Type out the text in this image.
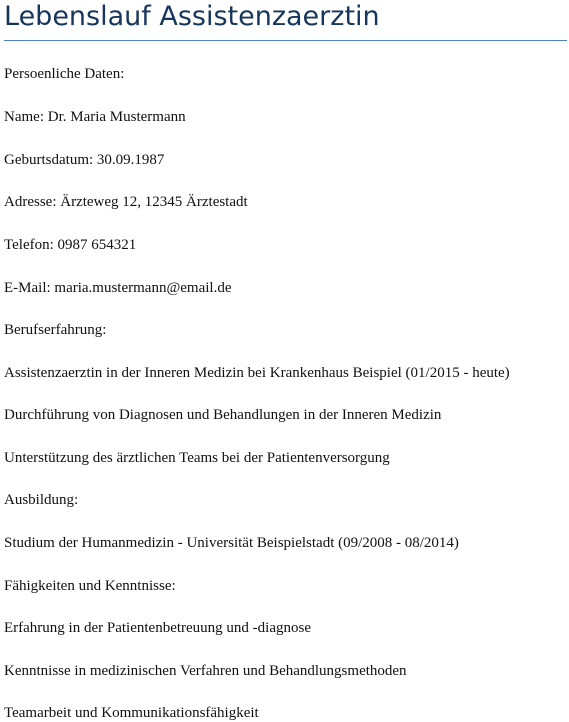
Lebenslauf Assistenzaerztin

Persoenliche Daten:

Name: Dr. Maria Mustermann

Geburtsdatum: 30.09.1987

Adresse: Ärzteweg 12, 12345 Ärztestadt

Telefon: 0987 654321

E-Mail: maria.mustermann@email.de

Berufserfahrung:

Assistenzaerztin in der Inneren Medizin bei Krankenhaus Beispiel (01/2015 - heute)

Durchführung von Diagnosen und Behandlungen in der Inneren Medizin

Unterstützung des ärztlichen Teams bei der Patientenversorgung

Ausbildung:

Studium der Humanmedizin - Universität Beispielstadt (09/2008 - 08/2014)

Fähigkeiten und Kenntnisse:

Erfahrung in der Patientenbetreuung und -diagnose

Kenntnisse in medizinischen Verfahren und Behandlungsmethoden

Teamarbeit und Kommunikationsfähigkeit
